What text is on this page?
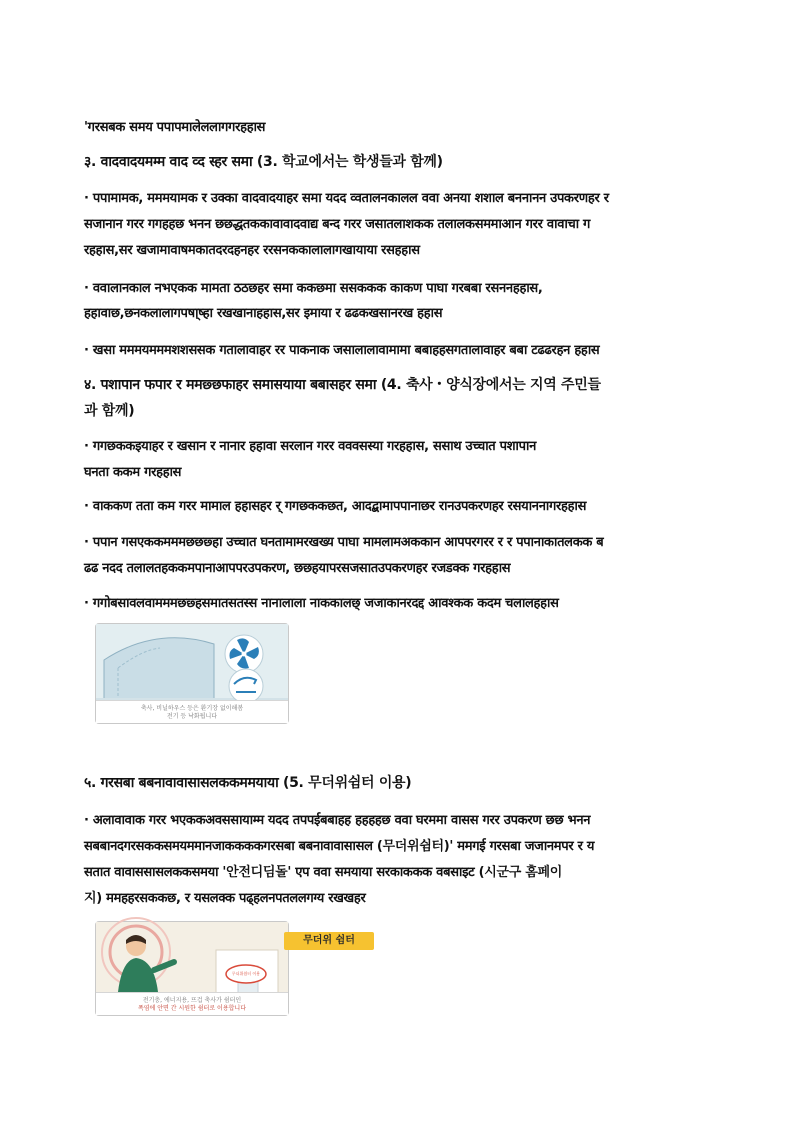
'गरसबक समय पपापमालेललागगरहहास
३. वादवादयमम्म वाद व्द स्हर समा (3. 학교에서는 학생들과 함께)
· पपामामक, मममयामक र उक्का वादवादयाहर समा यदद व्वतालनकालल ववा अनया शशाल बननानन उपकरणहर र
सजानान गरर गगहहछ भनन छछद्धतककावावादवाद्य बन्द गरर जसातलाशकक तलालकसममाआन गरर वावाचा ग
रहहास,सर खजामावाषमकातदरदहनहर ररसनककालालागखायाया रसहहास
· ववालानकाल नभएकक मामता ठठछहर समा ककछमा ससककक काकण पाघा गरबबा रसननहहास,
हहावाछ,छनकलालागपषा्ष्हा रखखानाहहास,सर इमाया र ढढकखसानरख हहास
· खसा मममयमममशशससक गतालावाहर रर पाकनाक जसालालावामामा बबाहहसगतालावाहर बबा टढढरहन हहास
४. पशापान फपार र ममछ्छफाहर समासयाया बबासहर समा (4. 축사・양식장에서는 지역 주민들
과 함께)
· गगछककइयाहर र खसान र नानार हहावा सरलान गरर वववसस्या गरहहास, ससाथ उच्चात पशापान
घनता ककम गरहहास
· वाककण तता कम गरर मामाल हहासहर र् गगछककछत, आदद्बामापपानाछर रानउपकरणहर रसयाननागरहहास
· पपान गसएककमममछछछ्हा उच्चात घनतामामरखख्य पाघा मामलामअककान आपपरगरर र र पपानाकातलकक ब
ढढ नदद तलालतहककमपानाआपपरउपकरण, छछहयापरसजसातउपकरणहर रजडक्क गरहहास
· गगोबसावलवामममछछ्हसमातसतस्स नानालाला नाककालछ् जजाकानरदद्द आवश्कक कदम चलालहहास
축사, 비닐하우스 등은 환기장 없이해봄
전기 등 낙화됩니다
५. गरसबा बबनावावासासलककममयाया (5. 무더위쉼터 이용)
· अलावावाक गरर भएककअवससायाम्म यदद तपपईबबाहह हहहहछ ववा घरममा वासस गरर उपकरण छछ भनन
सबबानदगरसककसमयममानजाककककगरसबा बबनावावासासल (무더위쉼터)' ममगई गरसबा जजानमपर र य
सतात वावाससासलककसमया '안전디딤돌' एप ववा समयाया सरकाककक वबसाइट (시군구 홈페이
지) ममहहरसककछ, र यसलक्क पढ्हलनपतललगग्य रखखहर
무더위 쉼터
무더위쉼터 이용
전기충, 에너지용, 뜨겁 축사가 쉼터인
폭염에 안면 간 시원한 쉼터로 이용합니다
